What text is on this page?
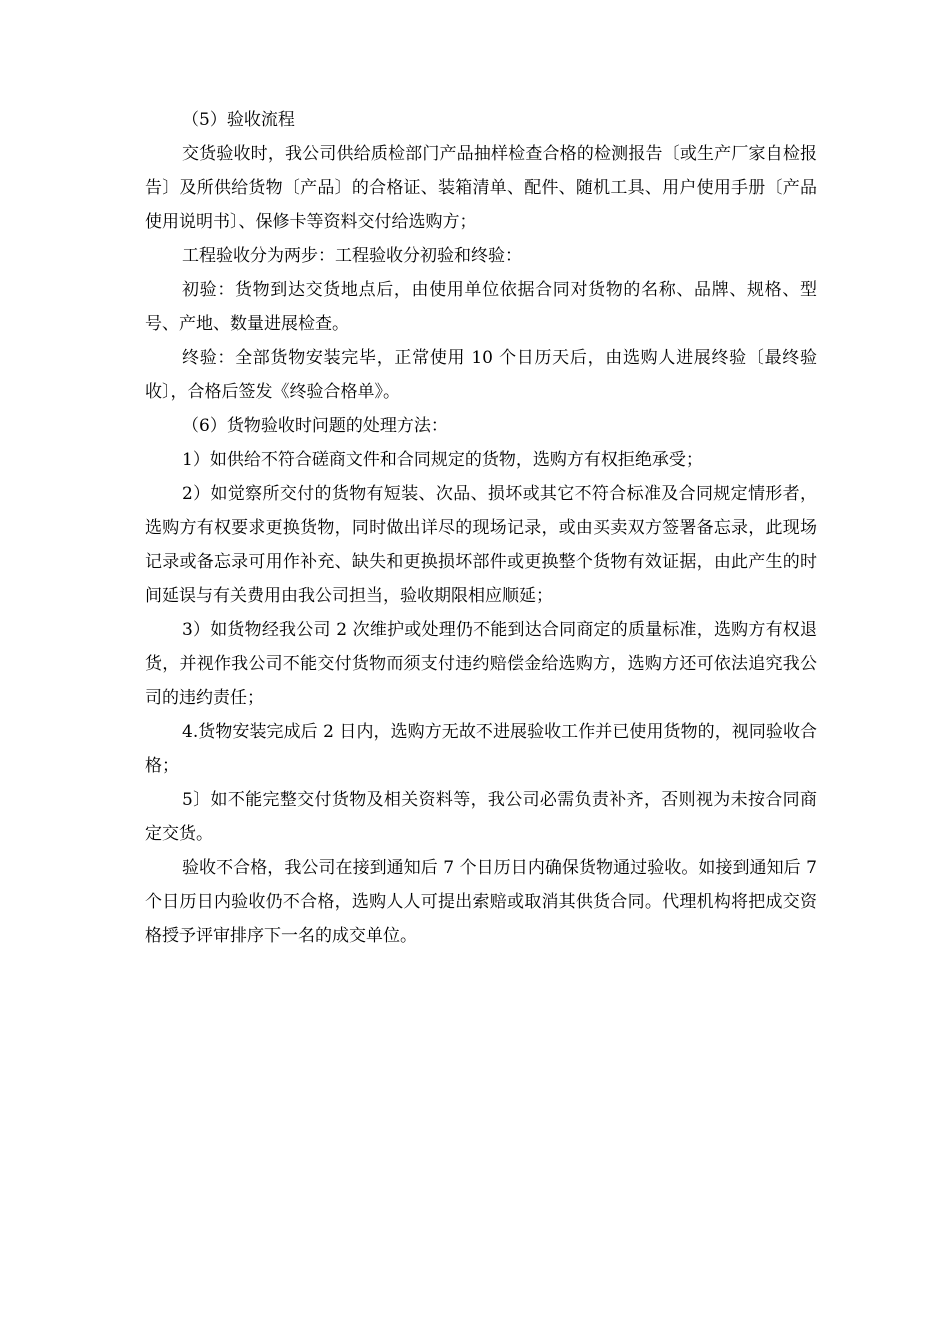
（5）验收流程

交货验收时，我公司供给质检部门产品抽样检查合格的检测报告〔或生产厂家自检报告〕及所供给货物〔产品〕的合格证、装箱清单、配件、随机工具、用户使用手册〔产品使用说明书〕、保修卡等资料交付给选购方；

工程验收分为两步：工程验收分初验和终验：

初验：货物到达交货地点后，由使用单位依据合同对货物的名称、品牌、规格、型号、产地、数量进展检查。

终验：全部货物安装完毕，正常使用 10 个日历天后，由选购人进展终验〔最终验收〕，合格后签发《终验合格单》。

（6）货物验收时问题的处理方法：

1）如供给不符合磋商文件和合同规定的货物，选购方有权拒绝承受；

2）如觉察所交付的货物有短装、次品、损坏或其它不符合标准及合同规定情形者，选购方有权要求更换货物，同时做出详尽的现场记录，或由买卖双方签署备忘录，此现场记录或备忘录可用作补充、缺失和更换损坏部件或更换整个货物有效证据，由此产生的时间延误与有关费用由我公司担当，验收期限相应顺延；

3）如货物经我公司 2 次维护或处理仍不能到达合同商定的质量标准，选购方有权退货，并视作我公司不能交付货物而须支付违约赔偿金给选购方，选购方还可依法追究我公司的违约责任；

4.货物安装完成后 2 日内，选购方无故不进展验收工作并已使用货物的，视同验收合格；

5〕如不能完整交付货物及相关资料等，我公司必需负责补齐，否则视为未按合同商定交货。

验收不合格，我公司在接到通知后 7 个日历日内确保货物通过验收。如接到通知后 7 个日历日内验收仍不合格，选购人人可提出索赔或取消其供货合同。代理机构将把成交资格授予评审排序下一名的成交单位。
